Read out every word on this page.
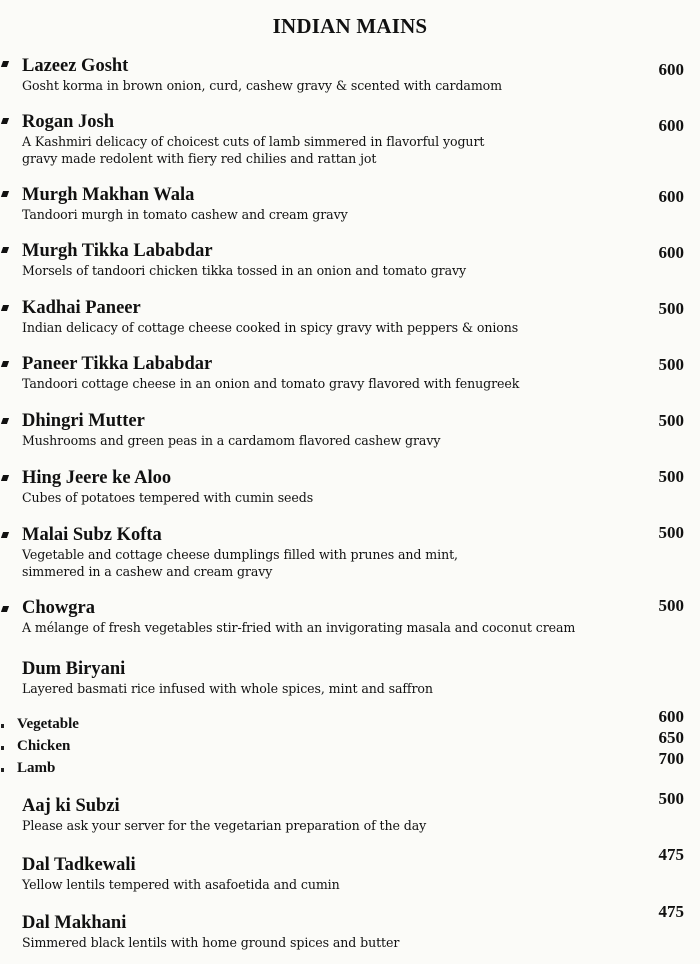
INDIAN MAINS
Lazeez Gosht
Gosht korma in brown onion, curd, cashew gravy & scented with cardamom
600
Rogan Josh
A Kashmiri delicacy of choicest cuts of lamb simmered in flavorful yogurt
gravy made redolent with fiery red chilies and rattan jot
600
Murgh Makhan Wala
Tandoori murgh in tomato cashew and cream gravy
600
Murgh Tikka Lababdar
Morsels of tandoori chicken tikka tossed in an onion and tomato gravy
600
Kadhai Paneer
Indian delicacy of cottage cheese cooked in spicy gravy with peppers & onions
500
Paneer Tikka Lababdar
Tandoori cottage cheese in an onion and tomato gravy flavored with fenugreek
500
Dhingri Mutter
Mushrooms and green peas in a cardamom flavored cashew gravy
500
Hing Jeere ke Aloo
Cubes of potatoes tempered with cumin seeds
500
Malai Subz Kofta
Vegetable and cottage cheese dumplings filled with prunes and mint,
simmered in a cashew and cream gravy
500
Chowgra
A mélange of fresh vegetables stir-fried with an invigorating masala and coconut cream
500
Dum Biryani
Layered basmati rice infused with whole spices, mint and saffron
Vegetable	600
Chicken	650
Lamb	700
Aaj ki Subzi
Please ask your server for the vegetarian preparation of the day
500
Dal Tadkewali
Yellow lentils tempered with asafoetida and cumin
475
Dal Makhani
Simmered black lentils with home ground spices and butter
475
